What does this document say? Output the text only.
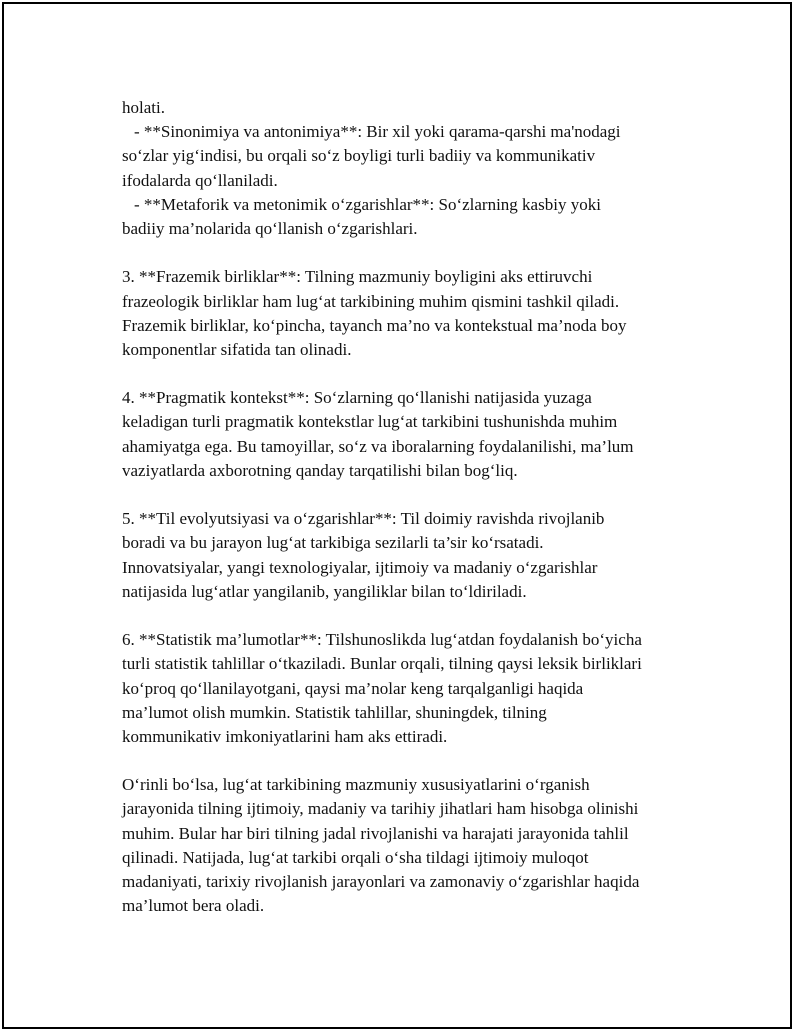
holati.
- **Sinonimiya va antonimiya**: Bir xil yoki qarama-qarshi ma'nodagi
so‘zlar yig‘indisi, bu orqali so‘z boyligi turli badiiy va kommunikativ
ifodalarda qo‘llaniladi.
- **Metaforik va metonimik o‘zgarishlar**: So‘zlarning kasbiy yoki
badiiy ma’nolarida qo‘llanish o‘zgarishlari.
3. **Frazemik birliklar**: Tilning mazmuniy boyligini aks ettiruvchi
frazeologik birliklar ham lug‘at tarkibining muhim qismini tashkil qiladi.
Frazemik birliklar, ko‘pincha, tayanch ma’no va kontekstual ma’noda boy
komponentlar sifatida tan olinadi.
4. **Pragmatik kontekst**: So‘zlarning qo‘llanishi natijasida yuzaga
keladigan turli pragmatik kontekstlar lug‘at tarkibini tushunishda muhim
ahamiyatga ega. Bu tamoyillar, so‘z va iboralarning foydalanilishi, ma’lum
vaziyatlarda axborotning qanday tarqatilishi bilan bog‘liq.
5. **Til evolyutsiyasi va o‘zgarishlar**: Til doimiy ravishda rivojlanib
boradi va bu jarayon lug‘at tarkibiga sezilarli ta’sir ko‘rsatadi.
Innovatsiyalar, yangi texnologiyalar, ijtimoiy va madaniy o‘zgarishlar
natijasida lug‘atlar yangilanib, yangiliklar bilan to‘ldiriladi.
6. **Statistik ma’lumotlar**: Tilshunoslikda lug‘atdan foydalanish bo‘yicha
turli statistik tahlillar o‘tkaziladi. Bunlar orqali, tilning qaysi leksik birliklari
ko‘proq qo‘llanilayotgani, qaysi ma’nolar keng tarqalganligi haqida
ma’lumot olish mumkin. Statistik tahlillar, shuningdek, tilning
kommunikativ imkoniyatlarini ham aks ettiradi.
O‘rinli bo‘lsa, lug‘at tarkibining mazmuniy xususiyatlarini o‘rganish
jarayonida tilning ijtimoiy, madaniy va tarihiy jihatlari ham hisobga olinishi
muhim. Bular har biri tilning jadal rivojlanishi va harajati jarayonida tahlil
qilinadi. Natijada, lug‘at tarkibi orqali o‘sha tildagi ijtimoiy muloqot
madaniyati, tarixiy rivojlanish jarayonlari va zamonaviy o‘zgarishlar haqida
ma’lumot bera oladi.
